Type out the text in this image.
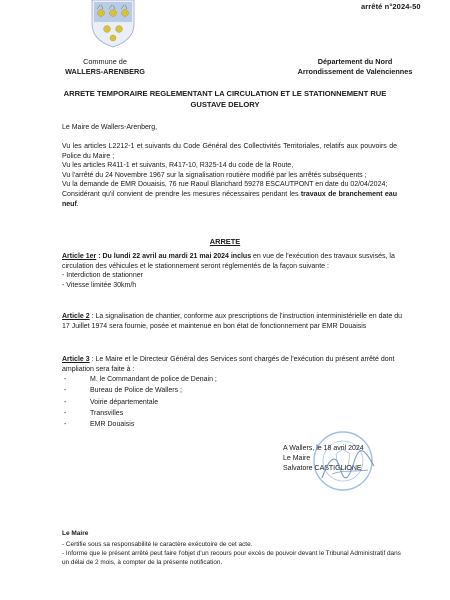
arrêté n°2024-50
Commune de
WALLERS-ARENBERG
Département du Nord
Arrondissement de Valenciennes
ARRETE TEMPORAIRE REGLEMENTANT LA CIRCULATION ET LE STATIONNEMENT RUE GUSTAVE DELORY
Le Maire de Wallers-Arenberg,
Vu les articles L2212-1 et suivants du Code Général des Collectivités Territoriales, relatifs aux pouvoirs de Police du Maire ;
Vu les articles R411-1 et suivants, R417-10, R325-14 du code de la Route,
Vu l'arrêté du 24 Novembre 1967 sur la signalisation routière modifié par les arrêtés subséquents ;
Vu la demande de EMR Douaisis, 76 rue Raoul Blanchard 59278 ESCAUTPONT en date du 02/04/2024;
Considérant qu'il convient de prendre les mesures nécessaires pendant les travaux de branchement eau neuf.
ARRETE
Article 1er : Du lundi 22 avril au mardi 21 mai 2024 inclus en vue de l'exécution des travaux susvisés, la circulation des véhicules et le stationnement seront réglementés de la façon suivante :
- Interdiction de stationner
- Vitesse limitée 30km/h
Article 2 : La signalisation de chantier, conforme aux prescriptions de l'instruction interministérielle en date du 17 Juillet 1974 sera fournie, posée et maintenue en bon état de fonctionnement par EMR Douaisis
Article 3 : Le Maire et le Directeur Général des Services sont chargés de l'exécution du présent arrêté dont ampliation sera faite à :
- M. le Commandant de police de Denain ;
- Bureau de Police de Wallers ;
- Voirie départementale
- Transvilles
- EMR Douaisis
A Wallers, le 18 avril 2024
Le Maire
Salvatore CASTIGLIONE
Le Maire
- Certifie sous sa responsabilité le caractère exécutoire de cet acte.
- Informe que le présent arrêté peut faire l'objet d'un recours pour excès de pouvoir devant le Tribunal Administratif dans un délai de 2 mois, à compter de la présente notification.
